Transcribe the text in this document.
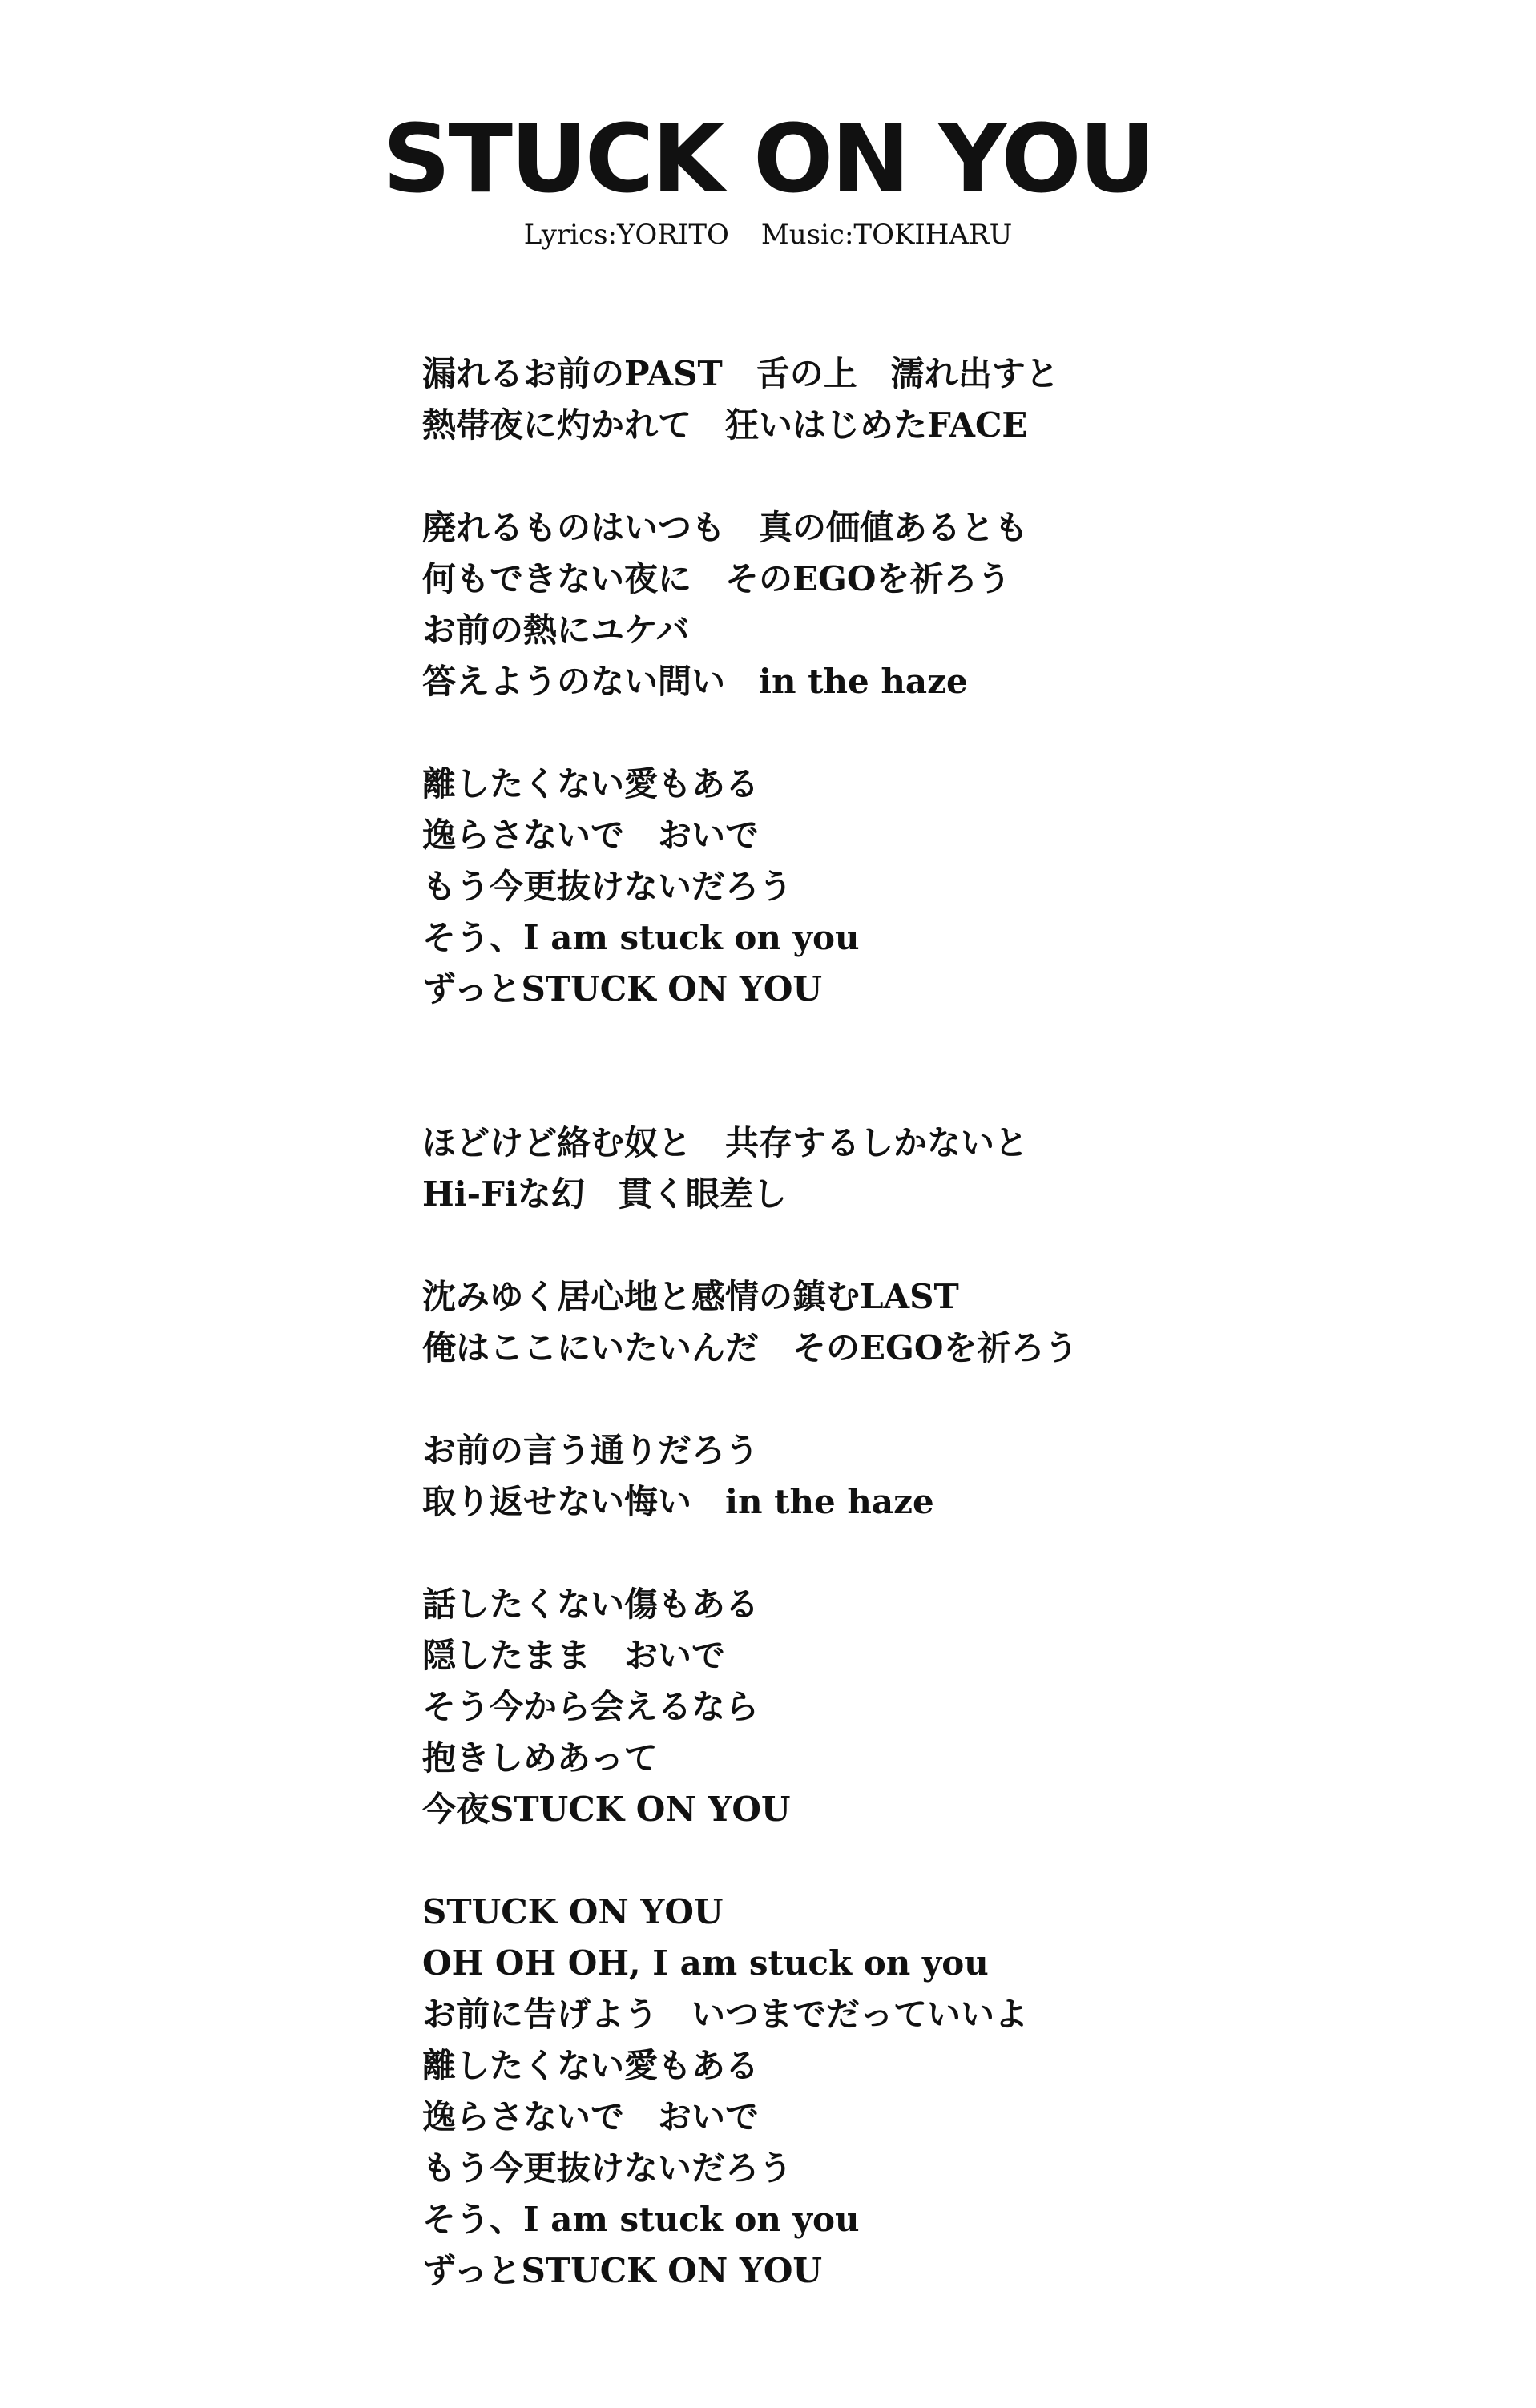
STUCK ON YOU
Lyrics:YORITO Music:TOKIHARU
漏れるお前のPAST　舌の上　濡れ出すと
熱帯夜に灼かれて　狂いはじめたFACE
廃れるものはいつも　真の価値あるとも
何もできない夜に　そのEGOを祈ろう
お前の熱にユケバ
答えようのない問い　in the haze
離したくない愛もある
逸らさないで　おいで
もう今更抜けないだろう
そう、I am stuck on you
ずっとSTUCK ON YOU
ほどけど絡む奴と　共存するしかないと
Hi-Fiな幻　貫く眼差し
沈みゆく居心地と感情の鎮むLAST
俺はここにいたいんだ　そのEGOを祈ろう
お前の言う通りだろう
取り返せない悔い　in the haze
話したくない傷もある
隠したまま　おいで
そう今から会えるなら
抱きしめあって
今夜STUCK ON YOU
STUCK ON YOU
OH OH OH, I am stuck on you
お前に告げよう　いつまでだっていいよ
離したくない愛もある
逸らさないで　おいで
もう今更抜けないだろう
そう、I am stuck on you
ずっとSTUCK ON YOU
